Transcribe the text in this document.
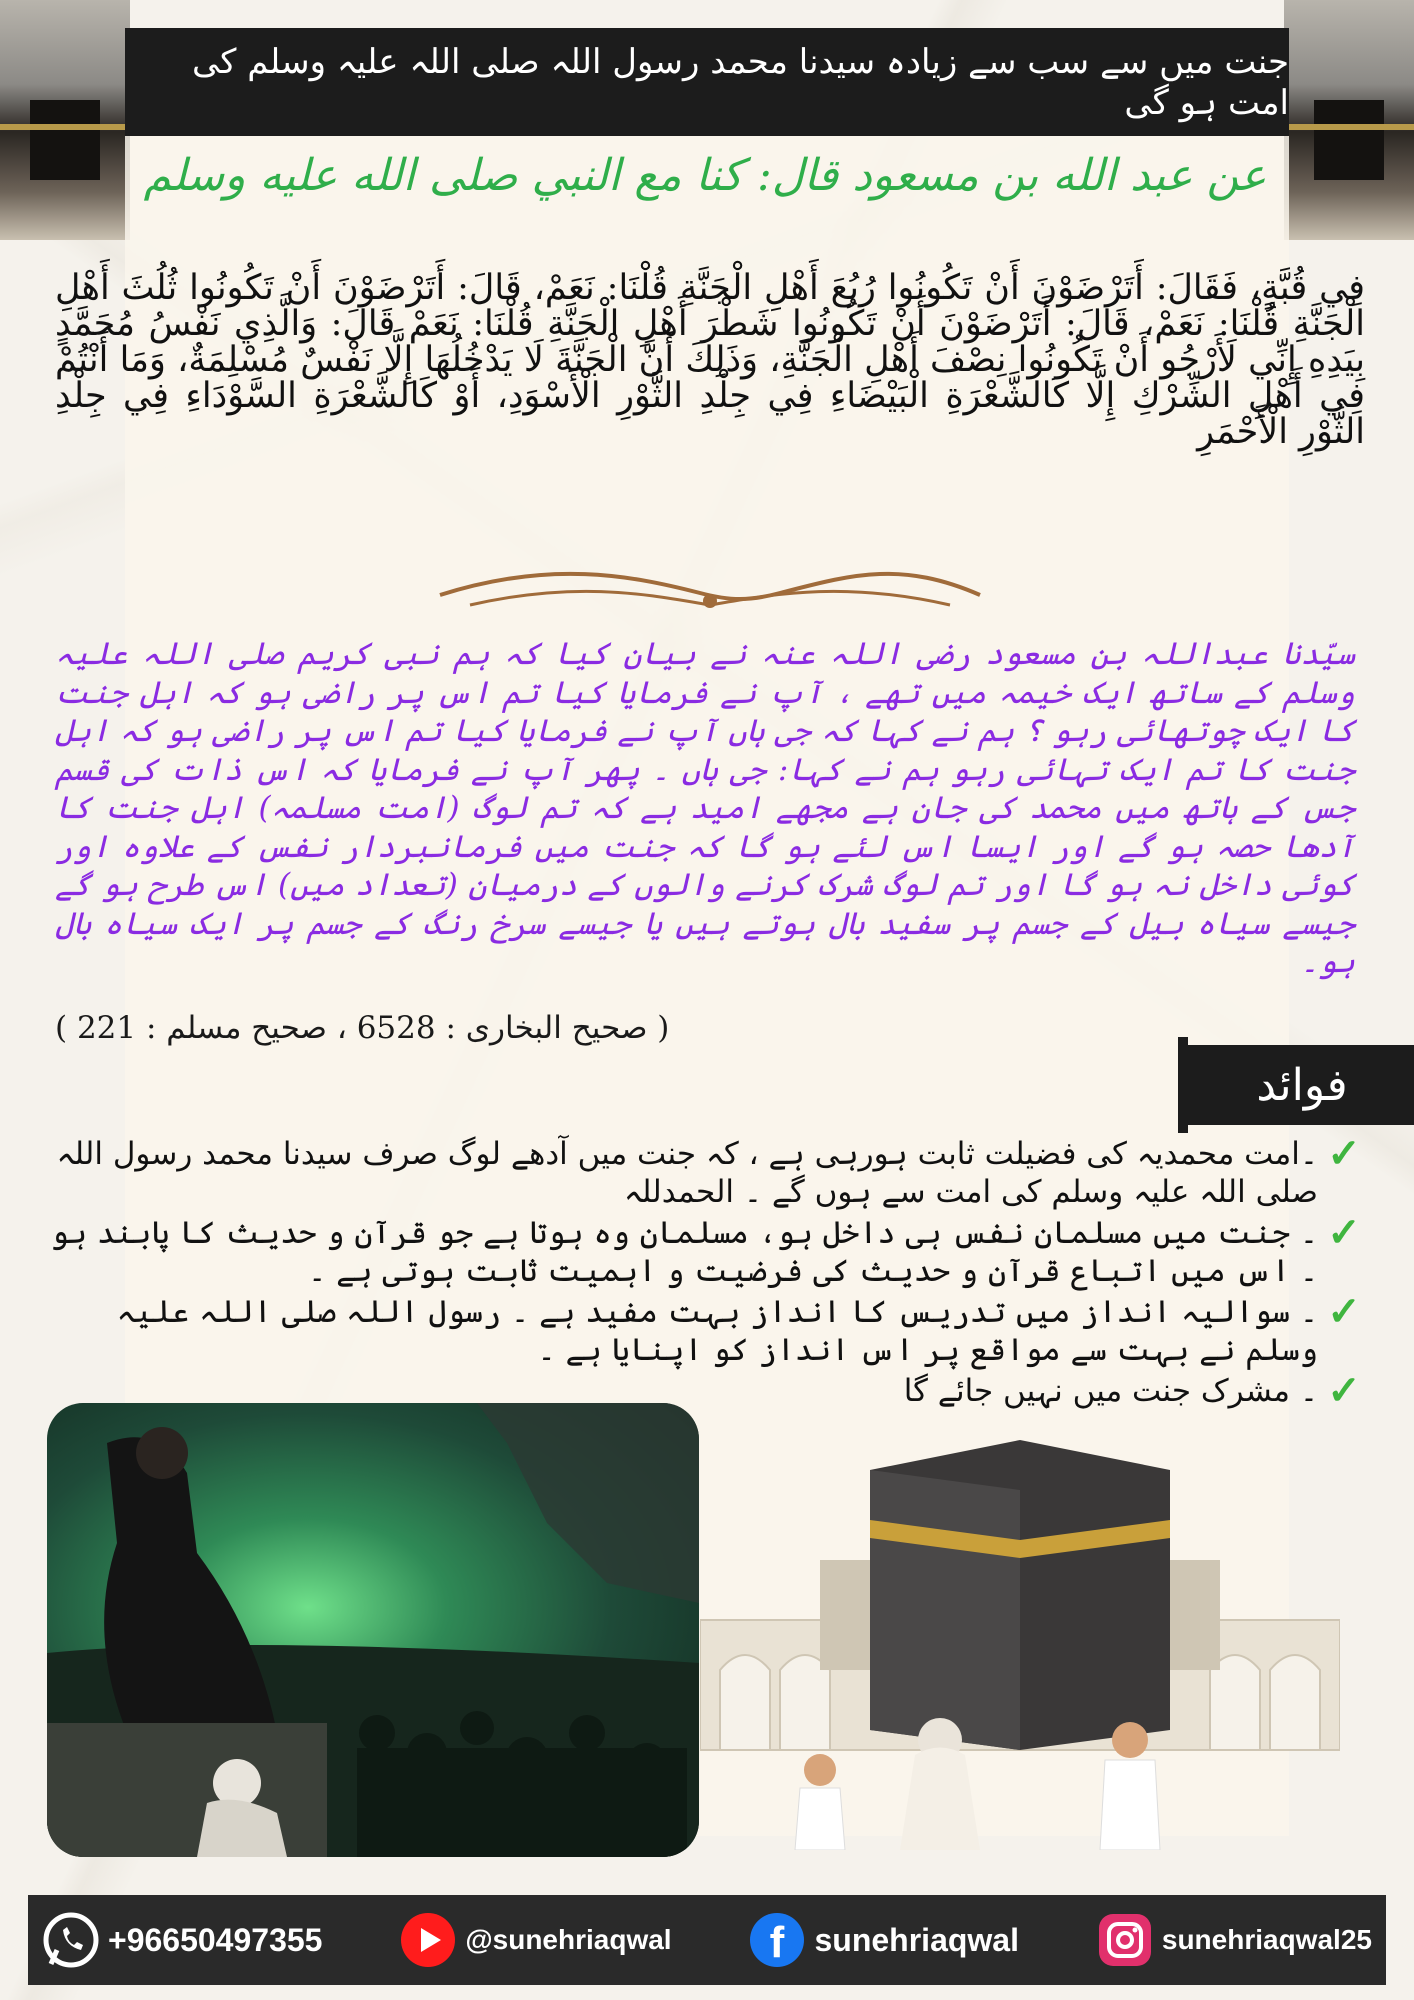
جنت میں سے سب سے زیادہ سیدنا محمد رسول اللہ صلی اللہ علیہ وسلم کی امت ہو گی
عن عبد الله بن مسعود قال: كنا مع النبي صلى الله عليه وسلم
فِي قُبَّةٍ، فَقَالَ: أَتَرْضَوْنَ أَنْ تَكُونُوا رُبُعَ أَهْلِ الْجَنَّةِ قُلْنَا: نَعَمْ، قَالَ: أَتَرْضَوْنَ أَنْ تَكُونُوا ثُلُثَ أَهْلِ الْجَنَّةِ قُلْنَا: نَعَمْ، قَالَ: أَتَرْضَوْنَ أَنْ تَكُونُوا شَطْرَ أَهْلِ الْجَنَّةِ قُلْنَا: نَعَمْ قَالَ: وَالَّذِي نَفْسُ مُحَمَّدٍ بِيَدِهِ إِنِّي لَأَرْجُو أَنْ تَكُونُوا نِصْفَ أَهْلِ الْجَنَّةِ، وَذَلِكَ أَنَّ الْجَنَّةَ لَا يَدْخُلُهَا إِلَّا نَفْسٌ مُسْلِمَةٌ، وَمَا أَنْتُمْ فِي أَهْلِ الشِّرْكِ إِلَّا كَالشَّعْرَةِ الْبَيْضَاءِ فِي جِلْدِ الثَّوْرِ الْأَسْوَدِ، أَوْ كَالشَّعْرَةِ السَّوْدَاءِ فِي جِلْدِ الثَّوْرِ الْأَحْمَرِ
سیّدنا عبداللہ بن مسعود رضی اللہ عنہ نے بیان کیا کہ ہم نبی کریم صلی اللہ علیہ وسلم کے ساتھ ایک خیمہ میں تھے ، آپ نے فرمایا کیا تم اس پر راضی ہو کہ اہل جنت کا ایک چوتھائی رہو ؟ ہم نے کہا کہ جی ہاں آپ نے فرمایا کیا تم اس پر راضی ہو کہ اہل جنت کا تم ایک تہائی رہو ہم نے کہا: جی ہاں ۔ پھر آپ نے فرمایا کہ اس ذات کی قسم جس کے ہاتھ میں محمد کی جان ہے مجھے امید ہے کہ تم لوگ (امت مسلمہ) اہل جنت کا آدھا حصہ ہو گے اور ایسا اس لئے ہو گا کہ جنت میں فرمانبردار نفس کے علاوہ اور کوئی داخل نہ ہو گا اور تم لوگ شرک کرنے والوں کے درمیان (تعداد میں) اس طرح ہو گے جیسے سیاہ بیل کے جسم پر سفید بال ہوتے ہیں یا جیسے سرخ رنگ کے جسم پر ایک سیاہ بال ہو۔
( صحیح البخاری : 6528 ، صحیح مسلم : 221 )
فوائد
✓
۔امت محمدیہ کی فضیلت ثابت ہورہی ہے ، کہ جنت میں آدھے لوگ صرف سیدنا محمد رسول اللہ صلی اللہ علیہ وسلم کی امت سے ہوں گے ۔ الحمدللہ
✓
۔ جنت میں مسلمان نفس ہی داخل ہو، مسلمان وہ ہوتا ہے جو قرآن و حدیث کا پابند ہو ۔ اس میں اتباع قرآن و حدیث کی فرضیت و اہمیت ثابت ہوتی ہے ۔
✓
۔ سوالیہ انداز میں تدریس کا انداز بہت مفید ہے ۔ رسول اللہ صلی اللہ علیہ وسلم نے بہت سے مواقع پر اس انداز کو اپنایا ہے ۔
✓
۔ مشرک جنت میں نہیں جائے گا
+96650497355	@sunehriaqwal f sunehriaqwal	sunehriaqwal25
